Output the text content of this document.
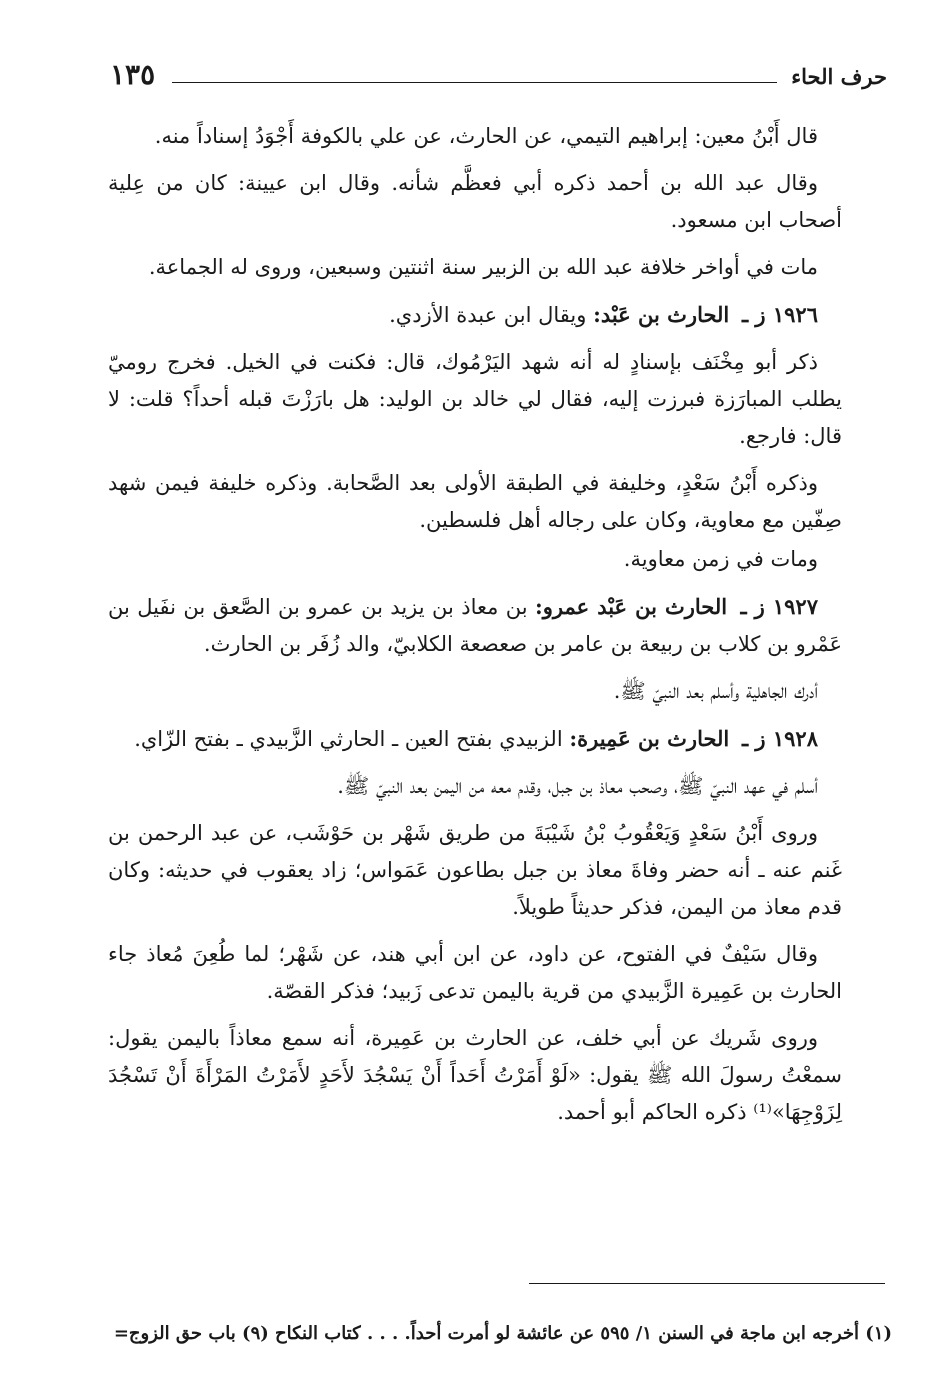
حرف الحاء
١٣٥

قال أَبْنُ معين: إبراهيم التيمي، عن الحارث، عن علي بالكوفة أَجْوَدُ إسناداً منه.

وقال عبد الله بن أحمد ذكره أبي فعظَّم شأنه. وقال ابن عيينة: كان من عِلية أصحاب ابن مسعود.

مات في أواخر خلافة عبد الله بن الزبير سنة اثنتين وسبعين، وروى له الجماعة.

١٩٢٦ ز ـ الحارث بن عَبْد: ويقال ابن عبدة الأزدي.

ذكر أبو مِخْنَف بإسنادٍ له أنه شهد اليَرْمُوك، قال: فكنت في الخيل. فخرج روميّ يطلب المبارَزة فبرزت إليه، فقال لي خالد بن الوليد: هل بارَزْتَ قبله أحداً؟ قلت: لا قال: فارجع.

وذكره أَبْنُ سَعْدٍ، وخليفة في الطبقة الأولى بعد الصَّحابة. وذكره خليفة فيمن شهد صِفّين مع معاوية، وكان على رجاله أهل فلسطين.

ومات في زمن معاوية.

١٩٢٧ ز ـ الحارث بن عَبْد عمرو: بن معاذ بن يزيد بن عمرو بن الصَّعق بن نفَيل بن عَمْرو بن كلاب بن ربيعة بن عامر بن صعصعة الكلابيّ، والد زُفَر بن الحارث.

أدرك الجاهلية وأسلم بعد النبيّ ﷺ.

١٩٢٨ ز ـ الحارث بن عَمِيرة: الزبيدي بفتح العين ـ الحارثي الزَّبيدي ـ بفتح الزّاي.

أسلم في عهد النبيّ ﷺ، وصحب معاذ بن جبل، وقدم معه من اليمن بعد النبيّ ﷺ.

وروى أَبْنُ سَعْدٍ وَيَعْقُوبُ بْنُ شَيْبَةَ من طريق شَهْر بن حَوْشَب، عن عبد الرحمن بن غَنم عنه ـ أنه حضر وفاةَ معاذ بن جبل بطاعون عَمَواس؛ زاد يعقوب في حديثه: وكان قدم معاذ من اليمن، فذكر حديثاً طويلاً.

وقال سَيْفٌ في الفتوح، عن داود، عن ابن أبي هند، عن شَهْر؛ لما طُعِنَ مُعاذ جاء الحارث بن عَمِيرة الزَّبيدي من قرية باليمن تدعى زَبيد؛ فذكر القصّة.

وروى شَريك عن أبي خلف، عن الحارث بن عَمِيرة، أنه سمع معاذاً باليمن يقول: سمعْتُ رسولَ الله ﷺ يقول: «لَوْ أَمَرْتُ أَحَداً أَنْ يَسْجُدَ لأَحَدٍ لأَمَرْتُ المَرْأَةَ أَنْ تَسْجُدَ لِزَوْجِهَا»⁽¹⁾ ذكره الحاكم أبو أحمد.

(١) أخرجه ابن ماجة في السنن ١/ ٥٩٥ عن عائشة لو أمرت أحداً. . . . كتاب النكاح (٩) باب حق الزوج=
